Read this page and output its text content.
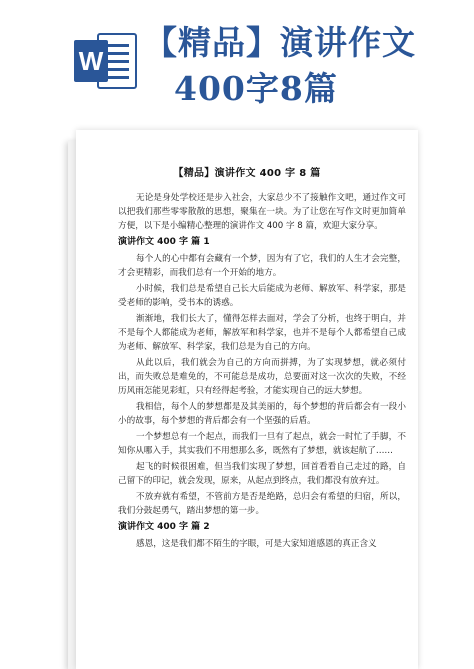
W 【精品】演讲作文
400字8篇
【精品】演讲作文 400 字 8 篇

无论是身处学校还是步入社会，大家总少不了接触作文吧，通过作文可以把我们那些零零散散的思想，聚集在一块。为了让您在写作文时更加简单方便，以下是小编精心整理的演讲作文 400 字 8 篇，欢迎大家分享。

演讲作文 400 字 篇 1

每个人的心中都有会藏有一个梦，因为有了它，我们的人生才会完整，才会更精彩，而我们总有一个开始的地方。

小时候，我们总是希望自己长大后能成为老师、解放军、科学家，那是受老师的影响，受书本的诱惑。

渐渐地，我们长大了，懂得怎样去面对，学会了分析，也终于明白，并不是每个人都能成为老师，解放军和科学家，也并不是每个人都希望自己成为老师、解放军、科学家，我们总是为自己的方向。

从此以后，我们就会为自己的方向而拼搏，为了实现梦想，就必须付出，而失败总是难免的，不可能总是成功，总要面对这一次次的失败，不经历风雨怎能见彩虹，只有经得起考验，才能实现自己的远大梦想。

我相信，每个人的梦想都是及其美丽的，每个梦想的背后都会有一段小小的故事，每个梦想的背后都会有一个坚强的后盾。

一个梦想总有一个起点，而我们一旦有了起点，就会一时忙了手脚，不知你从哪入手，其实我们不用想那么多，既然有了梦想，就该起航了……

起飞的时候很困难，但当我们实现了梦想，回首看看自己走过的路，自己留下的印记，就会发现，原来，从起点到终点，我们都没有放弃过。

不放弃就有希望，不管前方是否是绝路，总归会有希望的归宿，所以，我们分鼓起勇气，踏出梦想的第一步。

演讲作文 400 字 篇 2

感恩，这是我们都不陌生的字眼，可是大家知道感恩的真正含义
